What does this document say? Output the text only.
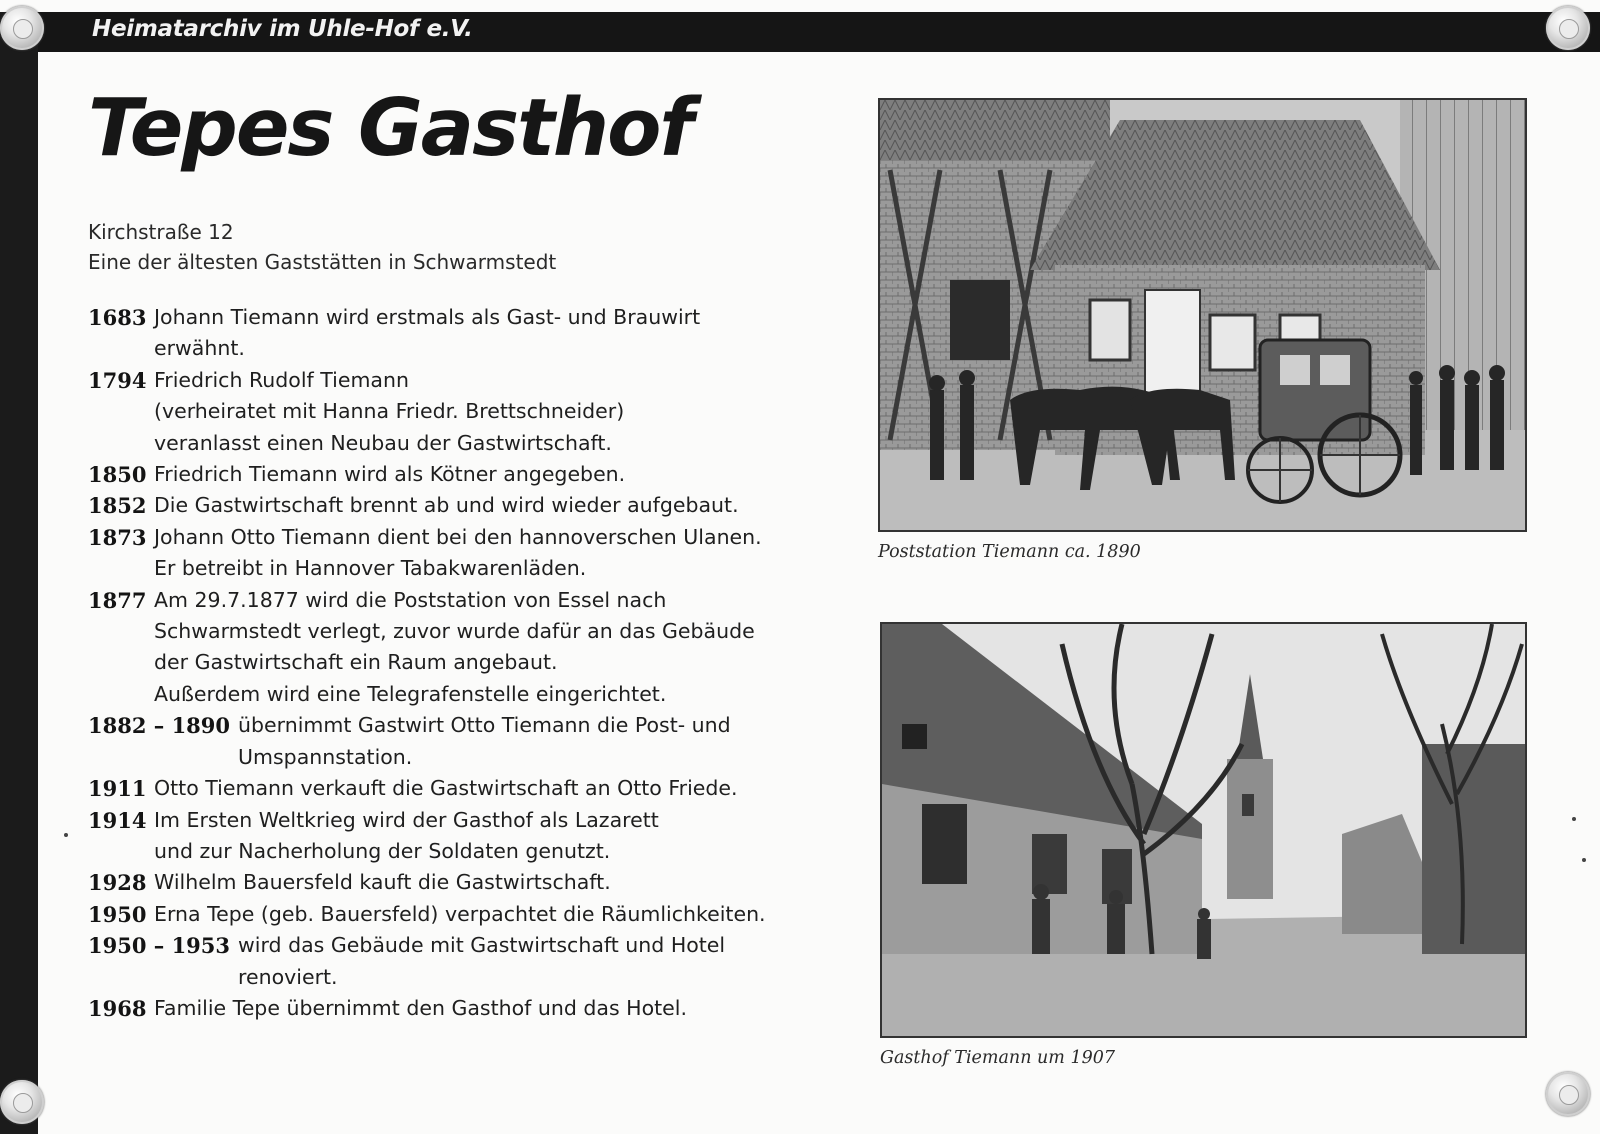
Heimatarchiv im Uhle-Hof e.V.
Tepes Gasthof
Kirchstraße 12
Eine der ältesten Gaststätten in Schwarmstedt
1683 Johann Tiemann wird erstmals als Gast- und Brauwirt
erwähnt.
1794 Friedrich Rudolf Tiemann
(verheiratet mit Hanna Friedr. Brettschneider)
veranlasst einen Neubau der Gastwirtschaft.
1850 Friedrich Tiemann wird als Kötner angegeben.
1852 Die Gastwirtschaft brennt ab und wird wieder aufgebaut.
1873 Johann Otto Tiemann dient bei den hannoverschen Ulanen.
Er betreibt in Hannover Tabakwarenläden.
1877 Am 29.7.1877 wird die Poststation von Essel nach
Schwarmstedt verlegt, zuvor wurde dafür an das Gebäude
der Gastwirtschaft ein Raum angebaut.
Außerdem wird eine Telegrafenstelle eingerichtet.
1882 – 1890 übernimmt Gastwirt Otto Tiemann die Post- und
Umspannstation.
1911 Otto Tiemann verkauft die Gastwirtschaft an Otto Friede.
1914 Im Ersten Weltkrieg wird der Gasthof als Lazarett
und zur Nacherholung der Soldaten genutzt.
1928 Wilhelm Bauersfeld kauft die Gastwirtschaft.
1950 Erna Tepe (geb. Bauersfeld) verpachtet die Räumlichkeiten.
1950 – 1953 wird das Gebäude mit Gastwirtschaft und Hotel
renoviert.
1968 Familie Tepe übernimmt den Gasthof und das Hotel.
Poststation Tiemann ca. 1890
Gasthof Tiemann um 1907
